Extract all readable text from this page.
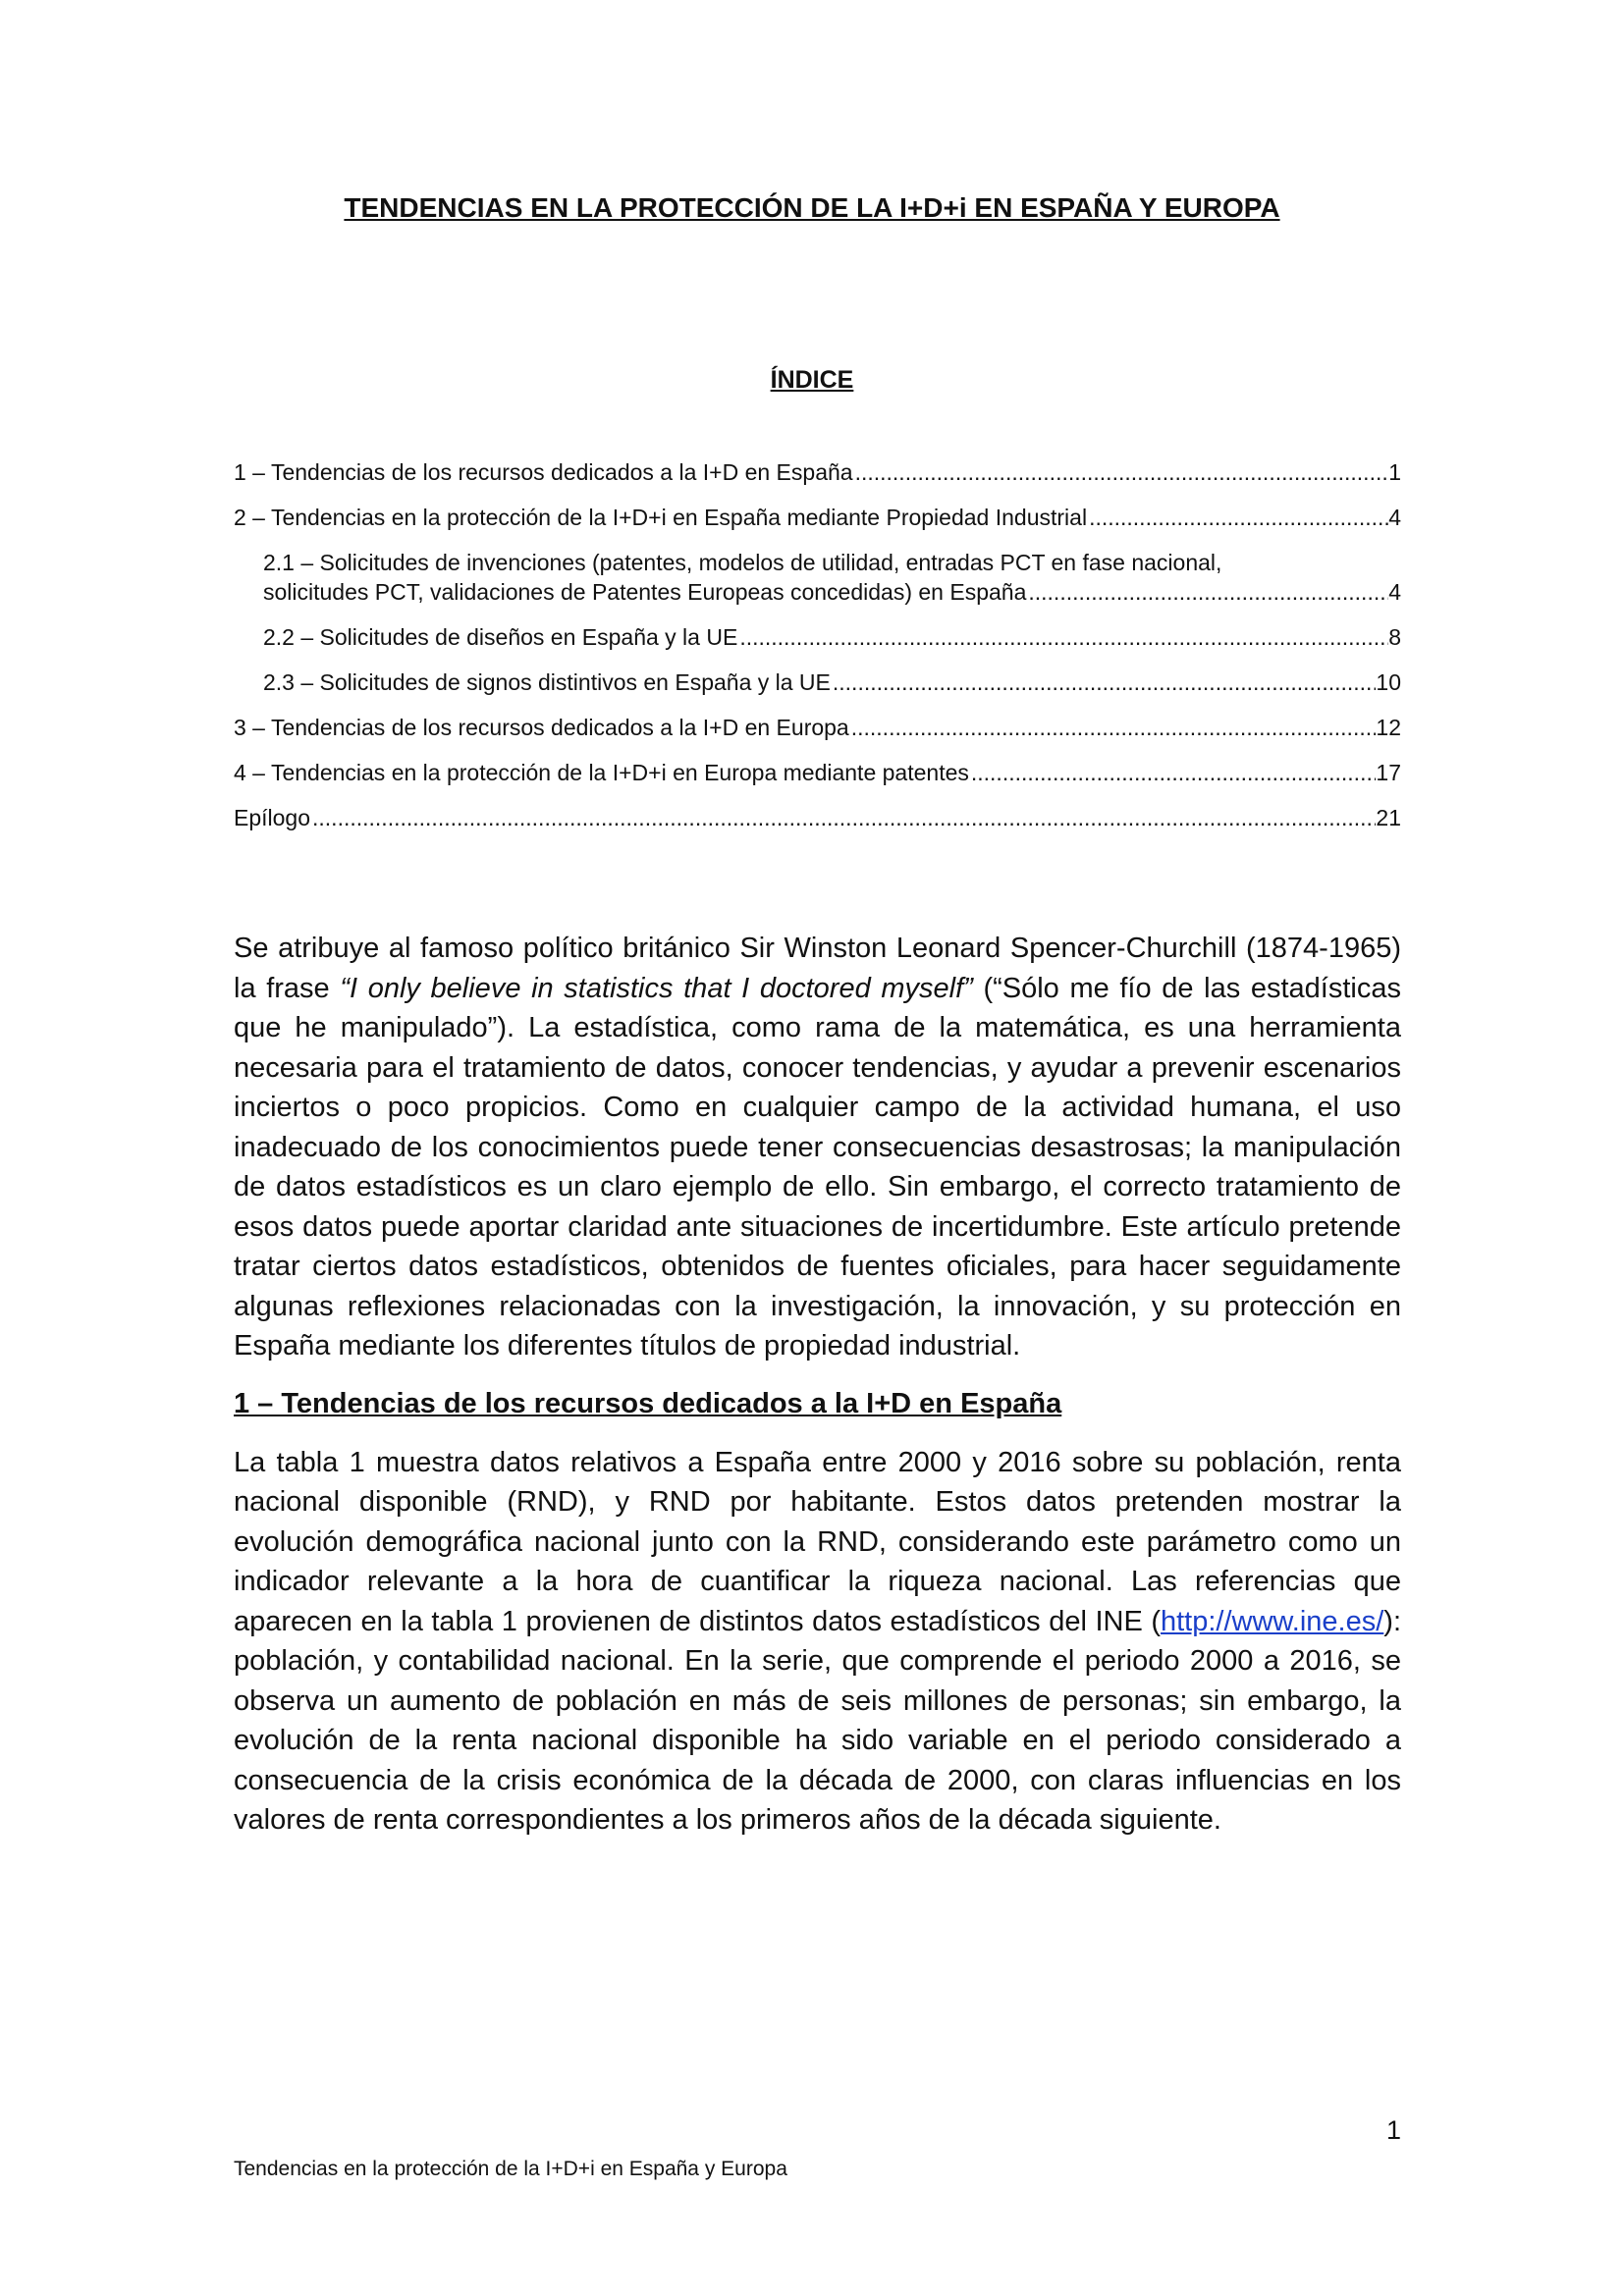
TENDENCIAS EN LA PROTECCIÓN DE LA I+D+i EN ESPAÑA Y EUROPA
ÍNDICE
1 – Tendencias de los recursos dedicados a la I+D en España .....	1
2 – Tendencias en la protección de la I+D+i en España mediante Propiedad Industrial .....	4
2.1 – Solicitudes de invenciones (patentes, modelos de utilidad, entradas PCT en fase nacional,
solicitudes PCT, validaciones de Patentes Europeas concedidas) en España .....	4
2.2 – Solicitudes de diseños en España y la UE .....	8
2.3 – Solicitudes de signos distintivos en España y la UE .....	10
3 – Tendencias de los recursos dedicados a la I+D en Europa .....	12
4 – Tendencias en la protección de la I+D+i en Europa mediante patentes .....	17
Epílogo .....	21

Se atribuye al famoso político británico Sir Winston Leonard Spencer-Churchill (1874-1965) la frase “I only believe in statistics that I doctored myself” (“Sólo me fío de las estadísticas que he manipulado”). La estadística, como rama de la matemática, es una herramienta necesaria para el tratamiento de datos, conocer tendencias, y ayudar a prevenir escenarios inciertos o poco propicios. Como en cualquier campo de la actividad humana, el uso inadecuado de los conocimientos puede tener consecuencias desastrosas; la manipulación de datos estadísticos es un claro ejemplo de ello. Sin embargo, el correcto tratamiento de esos datos puede aportar claridad ante situaciones de incertidumbre. Este artículo pretende tratar ciertos datos estadísticos, obtenidos de fuentes oficiales, para hacer seguidamente algunas reflexiones relacionadas con la investigación, la innovación, y su protección en España mediante los diferentes títulos de propiedad industrial.

1 – Tendencias de los recursos dedicados a la I+D en España

La tabla 1 muestra datos relativos a España entre 2000 y 2016 sobre su población, renta nacional disponible (RND), y RND por habitante. Estos datos pretenden mostrar la evolución demográfica nacional junto con la RND, considerando este parámetro como un indicador relevante a la hora de cuantificar la riqueza nacional. Las referencias que aparecen en la tabla 1 provienen de distintos datos estadísticos del INE (http://www.ine.es/): población, y contabilidad nacional. En la serie, que comprende el periodo 2000 a 2016, se observa un aumento de población en más de seis millones de personas; sin embargo, la evolución de la renta nacional disponible ha sido variable en el periodo considerado a consecuencia de la crisis económica de la década de 2000, con claras influencias en los valores de renta correspondientes a los primeros años de la década siguiente.

1
Tendencias en la protección de la I+D+i en España y Europa
